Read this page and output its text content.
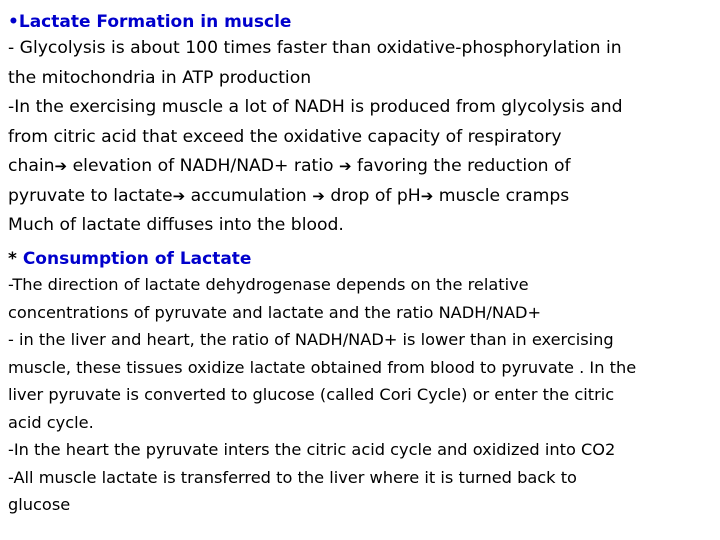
•Lactate Formation in muscle
- Glycolysis is about 100 times faster than oxidative-phosphorylation in
the mitochondria in ATP production
-In the exercising muscle a lot of NADH is produced from glycolysis and
from citric acid that exceed the oxidative capacity of respiratory
chain➔ elevation of NADH/NAD+ ratio ➔ favoring the reduction of
pyruvate to lactate➔ accumulation ➔ drop of pH➔ muscle cramps
Much of lactate diffuses into the blood.
* Consumption of Lactate
-The direction of lactate dehydrogenase depends on the relative
concentrations of pyruvate and lactate and the ratio NADH/NAD+
- in the liver and heart, the ratio of NADH/NAD+ is lower than in exercising
muscle, these tissues oxidize lactate obtained from blood to pyruvate . In the
liver pyruvate is converted to glucose (called Cori Cycle) or enter the citric
acid cycle.
-In the heart the pyruvate inters the citric acid cycle and oxidized into CO2
-All muscle lactate is transferred to the liver where it is turned back to
glucose
